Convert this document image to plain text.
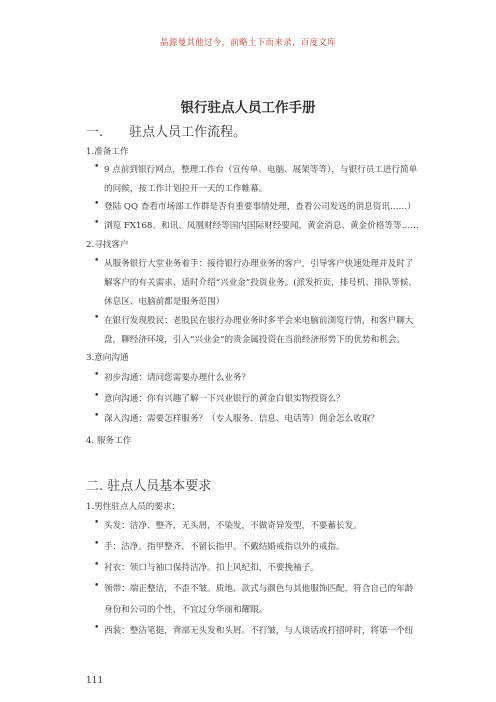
晶源曼其他过今，前略土下而来录，百度文库
银行驻点人员工作手册
一.　　驻点人员工作流程。
1.准备工作
• 9 点前到银行网点，整理工作台（宣传单、电脑、展架等等），与银行员工进行简单
的问候，按工作计划拉开一天的工作帷幕。
• 登陆 QQ 查看市场部工作群是否有重要事情处理，查看公司发送的消息资讯……）
• 浏览 FX168、和讯、凤凰财经等国内国际财经要闻，黄金消息、黄金价格等等……
2.寻找客户
• 从服务银行大堂业务着手：接待银行办理业务的客户，引导客户快速处理并及时了
解客户的有关需求、适时介绍“兴业金”投资业务。(派发折页，排号机、排队等候、
休息区、电脑前都是服务范围）
• 在银行发现股民：老股民在银行办理业务时多半会来电脑前浏览行情，和客户聊大
盘，聊经济环境，引入“兴业金”的贵金属投资在当前经济形势下的优势和机会。
3.意向沟通
• 初步沟通：请问您需要办理什么业务？
• 意向沟通：你有兴趣了解一下兴业银行的黄金白银实物投资么？
• 深入沟通：需要怎样服务？（专人服务、信息、电话等）佣金怎么收取？
4. 服务工作
二. 驻点人员基本要求
1.男性驻点人员的要求：
• 头发：洁净、整齐，无头屑，不染发，不做奇异发型，不要蓄长发。
• 手：洁净。指甲整齐，不留长指甲。不戴结婚戒指以外的戒指。
• 衬衣：领口与袖口保持洁净。扣上风纪扣，不要挽袖子。
• 领带：端正整洁，不歪不皱。质地、款式与颜色与其他服饰匹配，符合自己的年龄
身份和公司的个性，不宜过分华丽和耀眼。
• 西装：整洁笔挺，背部无头发和头屑。不打皱，与人谈话或打招呼时，将第一个纽
111
